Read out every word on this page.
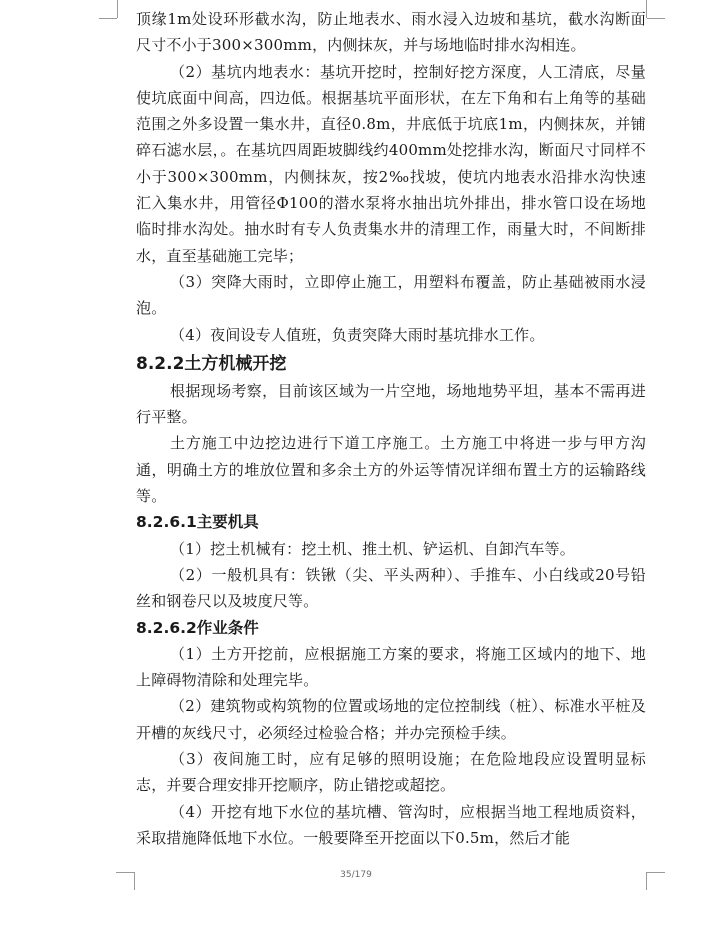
顶缘1m处设环形截水沟，防止地表水、雨水浸入边坡和基坑，截水沟断面尺寸不小于300×300mm，内侧抹灰，并与场地临时排水沟相连。

（2）基坑内地表水：基坑开挖时，控制好挖方深度，人工清底，尽量使坑底面中间高，四边低。根据基坑平面形状，在左下角和右上角等的基础范围之外多设置一集水井，直径0.8m，井底低于坑底1m，内侧抹灰，并铺碎石滤水层，。在基坑四周距坡脚线约400mm处挖排水沟，断面尺寸同样不小于300×300mm，内侧抹灰，按2‰找坡，使坑内地表水沿排水沟快速汇入集水井，用管径Φ100的潜水泵将水抽出坑外排出，排水管口设在场地临时排水沟处。抽水时有专人负责集水井的清理工作，雨量大时，不间断排水，直至基础施工完毕；

（3）突降大雨时，立即停止施工，用塑料布覆盖，防止基础被雨水浸泡。

（4）夜间设专人值班，负责突降大雨时基坑排水工作。

8.2.2土方机械开挖

根据现场考察，目前该区域为一片空地，场地地势平坦，基本不需再进行平整。

土方施工中边挖边进行下道工序施工。土方施工中将进一步与甲方沟通，明确土方的堆放位置和多余土方的外运等情况详细布置土方的运输路线等。

8.2.6.1主要机具

（1）挖土机械有：挖土机、推土机、铲运机、自卸汽车等。

（2）一般机具有：铁锹（尖、平头两种）、手推车、小白线或20号铅丝和钢卷尺以及坡度尺等。

8.2.6.2作业条件

（1）土方开挖前，应根据施工方案的要求，将施工区域内的地下、地上障碍物清除和处理完毕。

（2）建筑物或构筑物的位置或场地的定位控制线（桩）、标准水平桩及开槽的灰线尺寸，必须经过检验合格；并办完预检手续。

（3）夜间施工时，应有足够的照明设施；在危险地段应设置明显标志，并要合理安排开挖顺序，防止错挖或超挖。

（4）开挖有地下水位的基坑槽、管沟时，应根据当地工程地质资料，采取措施降低地下水位。一般要降至开挖面以下0.5m，然后才能

35/179
